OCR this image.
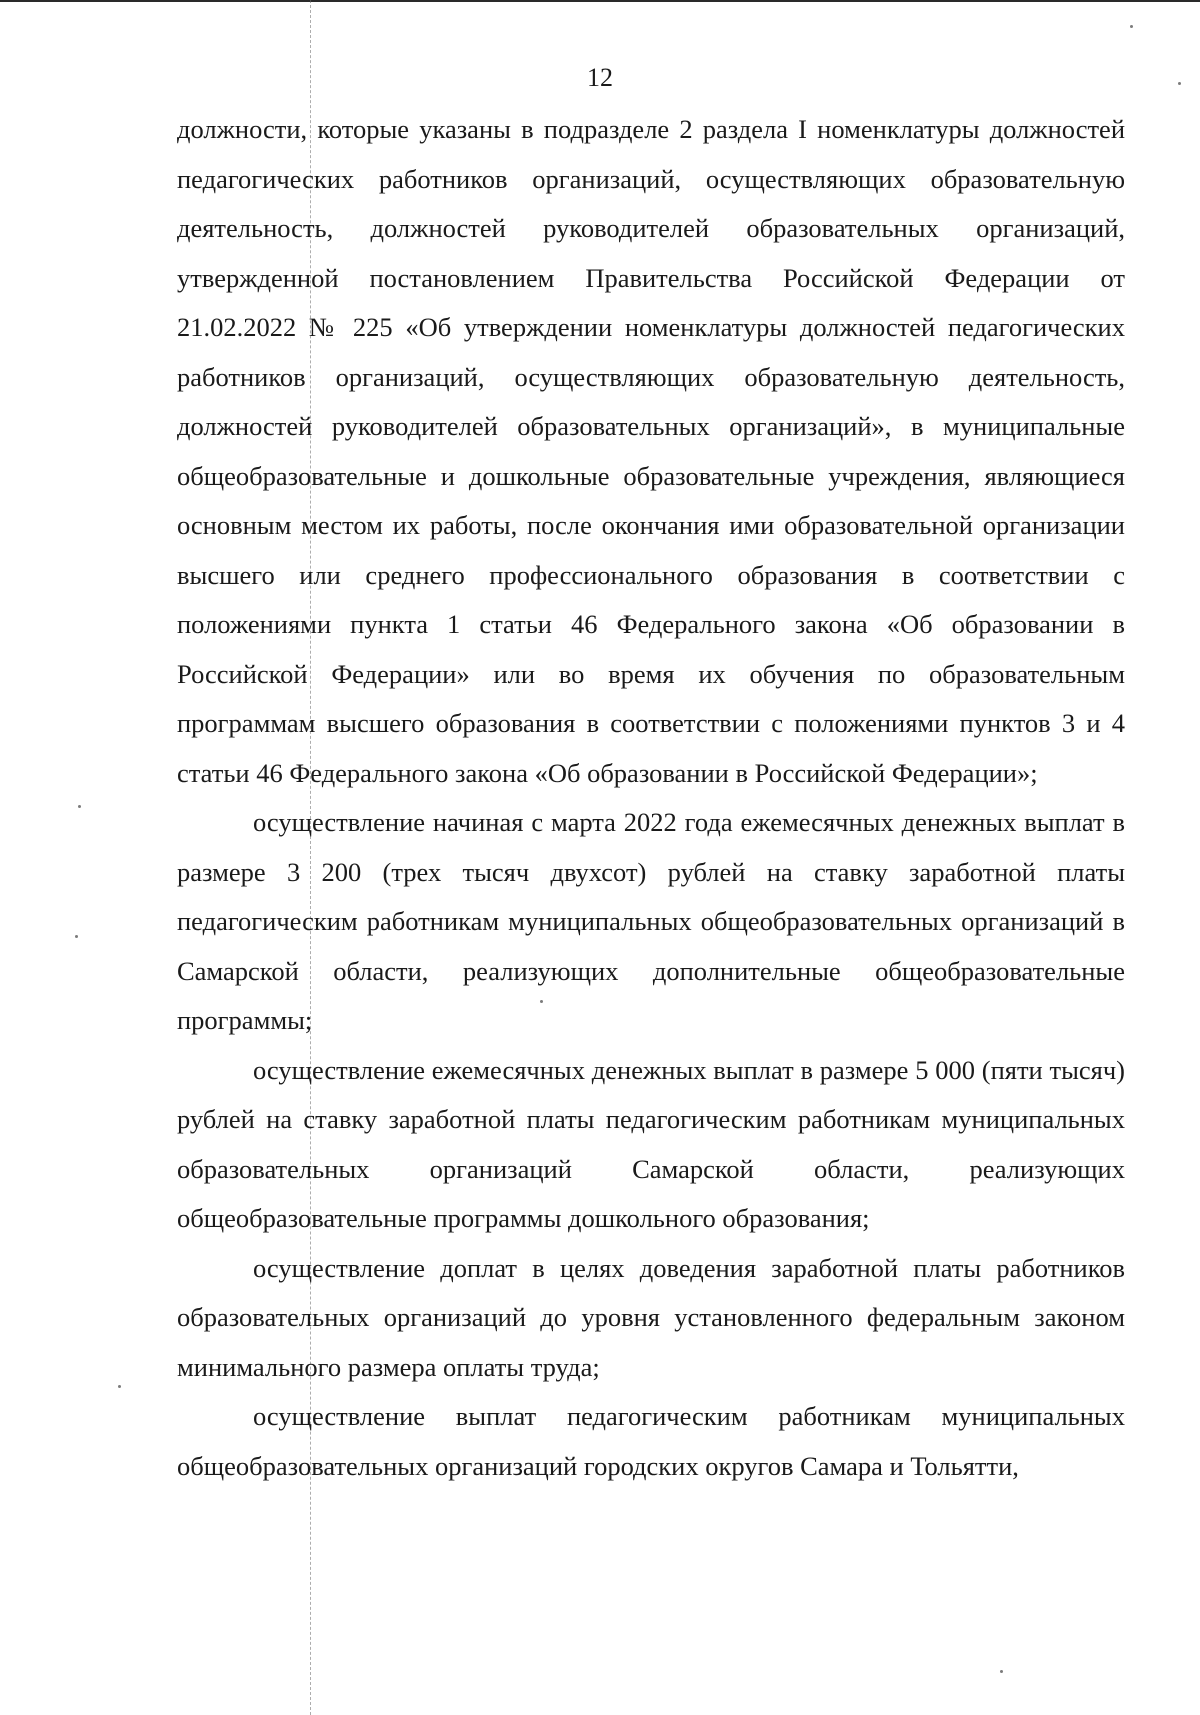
12

должности, которые указаны в подразделе 2 раздела I номенклатуры должностей педагогических работников организаций, осуществляющих образовательную деятельность, должностей руководителей образовательных организаций, утвержденной постановлением Правительства Российской Федерации от 21.02.2022 № 225 «Об утверждении номенклатуры должностей педагогических работников организаций, осуществляющих образовательную деятельность, должностей руководителей образовательных организаций», в муниципальные общеобразовательные и дошкольные образовательные учреждения, являющиеся основным местом их работы, после окончания ими образовательной организации высшего или среднего профессионального образования в соответствии с положениями пункта 1 статьи 46 Федерального закона «Об образовании в Российской Федерации» или во время их обучения по образовательным программам высшего образования в соответствии с положениями пунктов 3 и 4 статьи 46 Федерального закона «Об образовании в Российской Федерации»;

осуществление начиная с марта 2022 года ежемесячных денежных выплат в размере 3 200 (трех тысяч двухсот) рублей на ставку заработной платы педагогическим работникам муниципальных общеобразовательных организаций в Самарской области, реализующих дополнительные общеобразовательные программы;

осуществление ежемесячных денежных выплат в размере 5 000 (пяти тысяч) рублей на ставку заработной платы педагогическим работникам муниципальных образовательных организаций Самарской области, реализующих общеобразовательные программы дошкольного образования;

осуществление доплат в целях доведения заработной платы работников образовательных организаций до уровня установленного федеральным законом минимального размера оплаты труда;

осуществление выплат педагогическим работникам муниципальных общеобразовательных организаций городских округов Самара и Тольятти,
